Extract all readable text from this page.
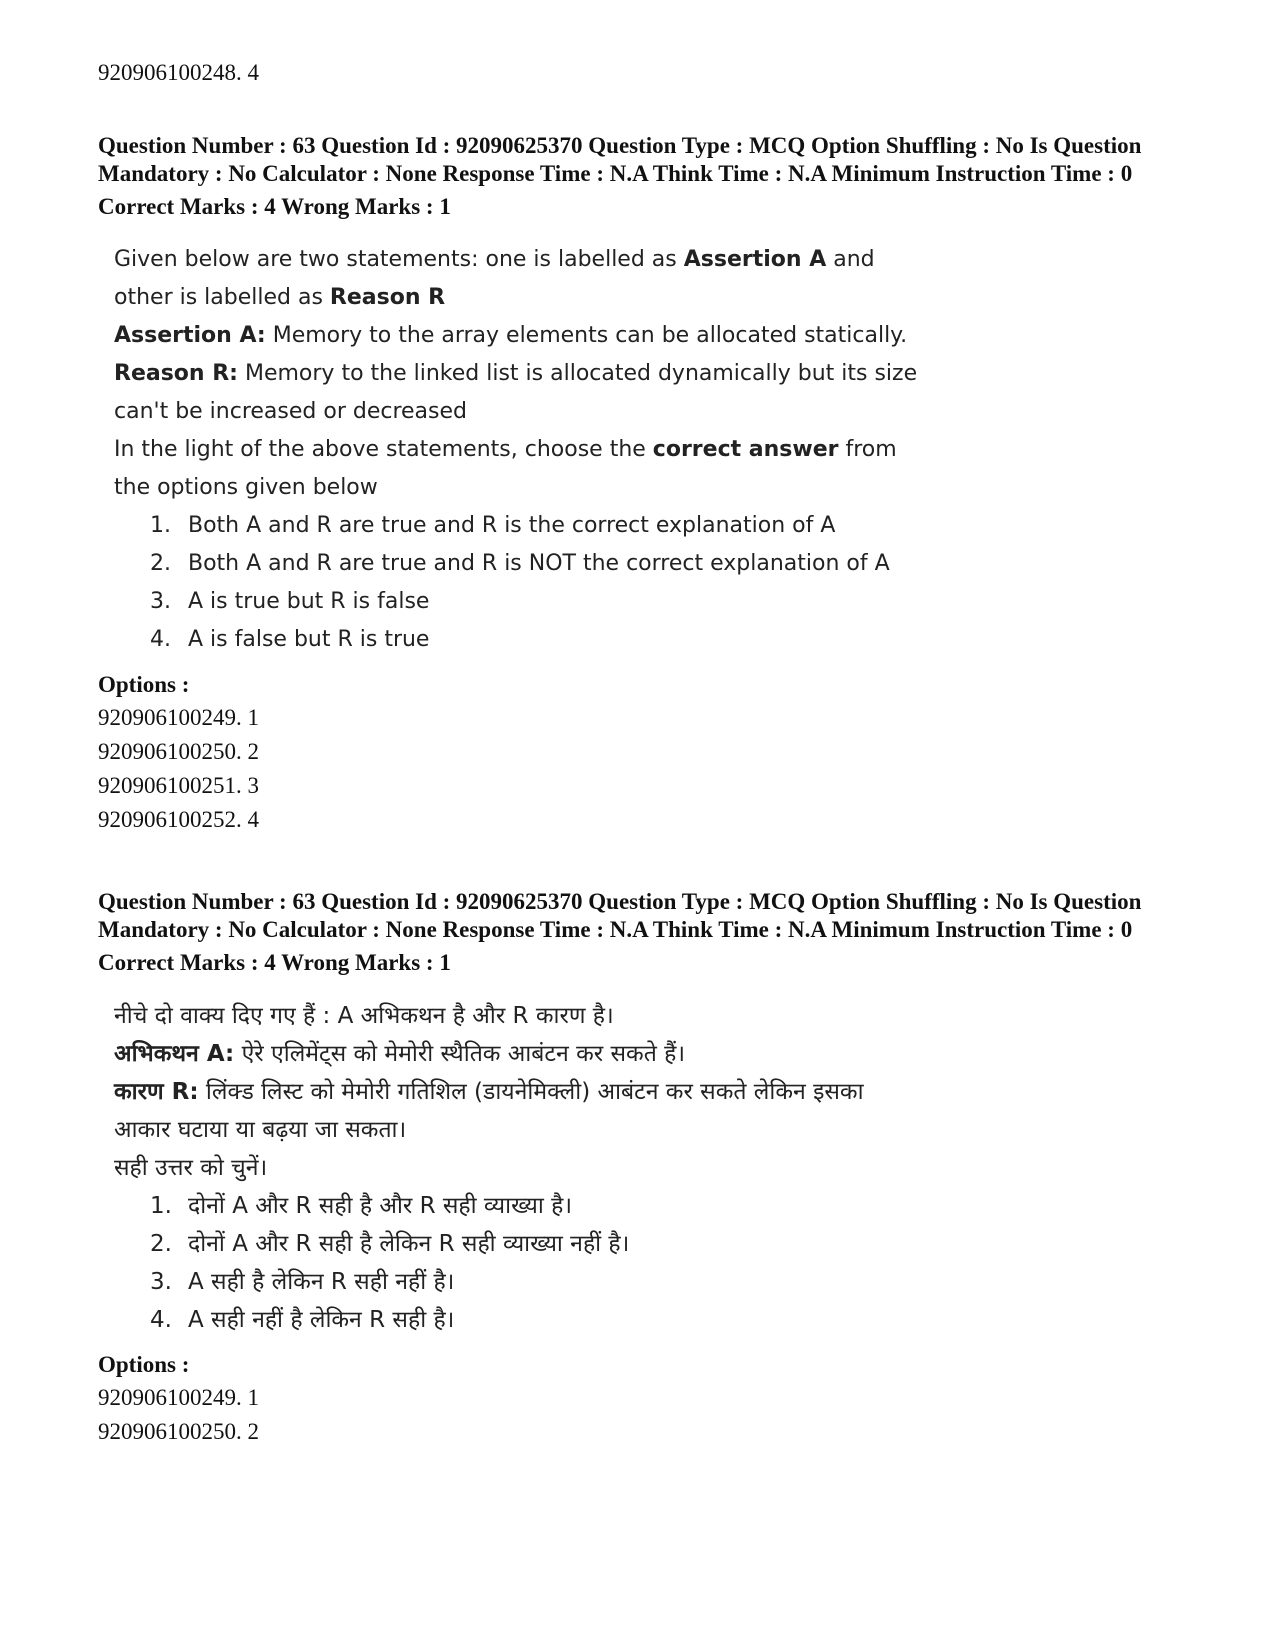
920906100248. 4
Question Number : 63 Question Id : 92090625370 Question Type : MCQ Option Shuffling : No Is Question Mandatory : No Calculator : None Response Time : N.A Think Time : N.A Minimum Instruction Time : 0
Correct Marks : 4 Wrong Marks : 1

Given below are two statements: one is labelled as Assertion A and other is labelled as Reason R

Assertion A: Memory to the array elements can be allocated statically.

Reason R: Memory to the linked list is allocated dynamically but its size can't be increased or decreased

In the light of the above statements, choose the correct answer from the options given below

1. Both A and R are true and R is the correct explanation of A
2. Both A and R are true and R is NOT the correct explanation of A
3. A is true but R is false
4. A is false but R is true
Options :
920906100249. 1
920906100250. 2
920906100251. 3
920906100252. 4
Question Number : 63 Question Id : 92090625370 Question Type : MCQ Option Shuffling : No Is Question Mandatory : No Calculator : None Response Time : N.A Think Time : N.A Minimum Instruction Time : 0
Correct Marks : 4 Wrong Marks : 1

नीचे दो वाक्य दिए गए हैं : A अभिकथन है और R कारण है।

अभिकथन A: ऐरे एलिमेंट्स को मेमोरी स्थैतिक आबंटन कर सकते हैं।

कारण R: लिंक्ड लिस्ट को मेमोरी गतिशिल (डायनेमिक्ली) आबंटन कर सकते लेकिन इसका आकार घटाया या बढ़या जा सकता।

सही उत्तर को चुनें।

1. दोनों A और R सही है और R सही व्याख्या है।
2. दोनों A और R सही है लेकिन R सही व्याख्या नहीं है।
3. A सही है लेकिन R सही नहीं है।
4. A सही नहीं है लेकिन R सही है।
Options :
920906100249. 1
920906100250. 2
